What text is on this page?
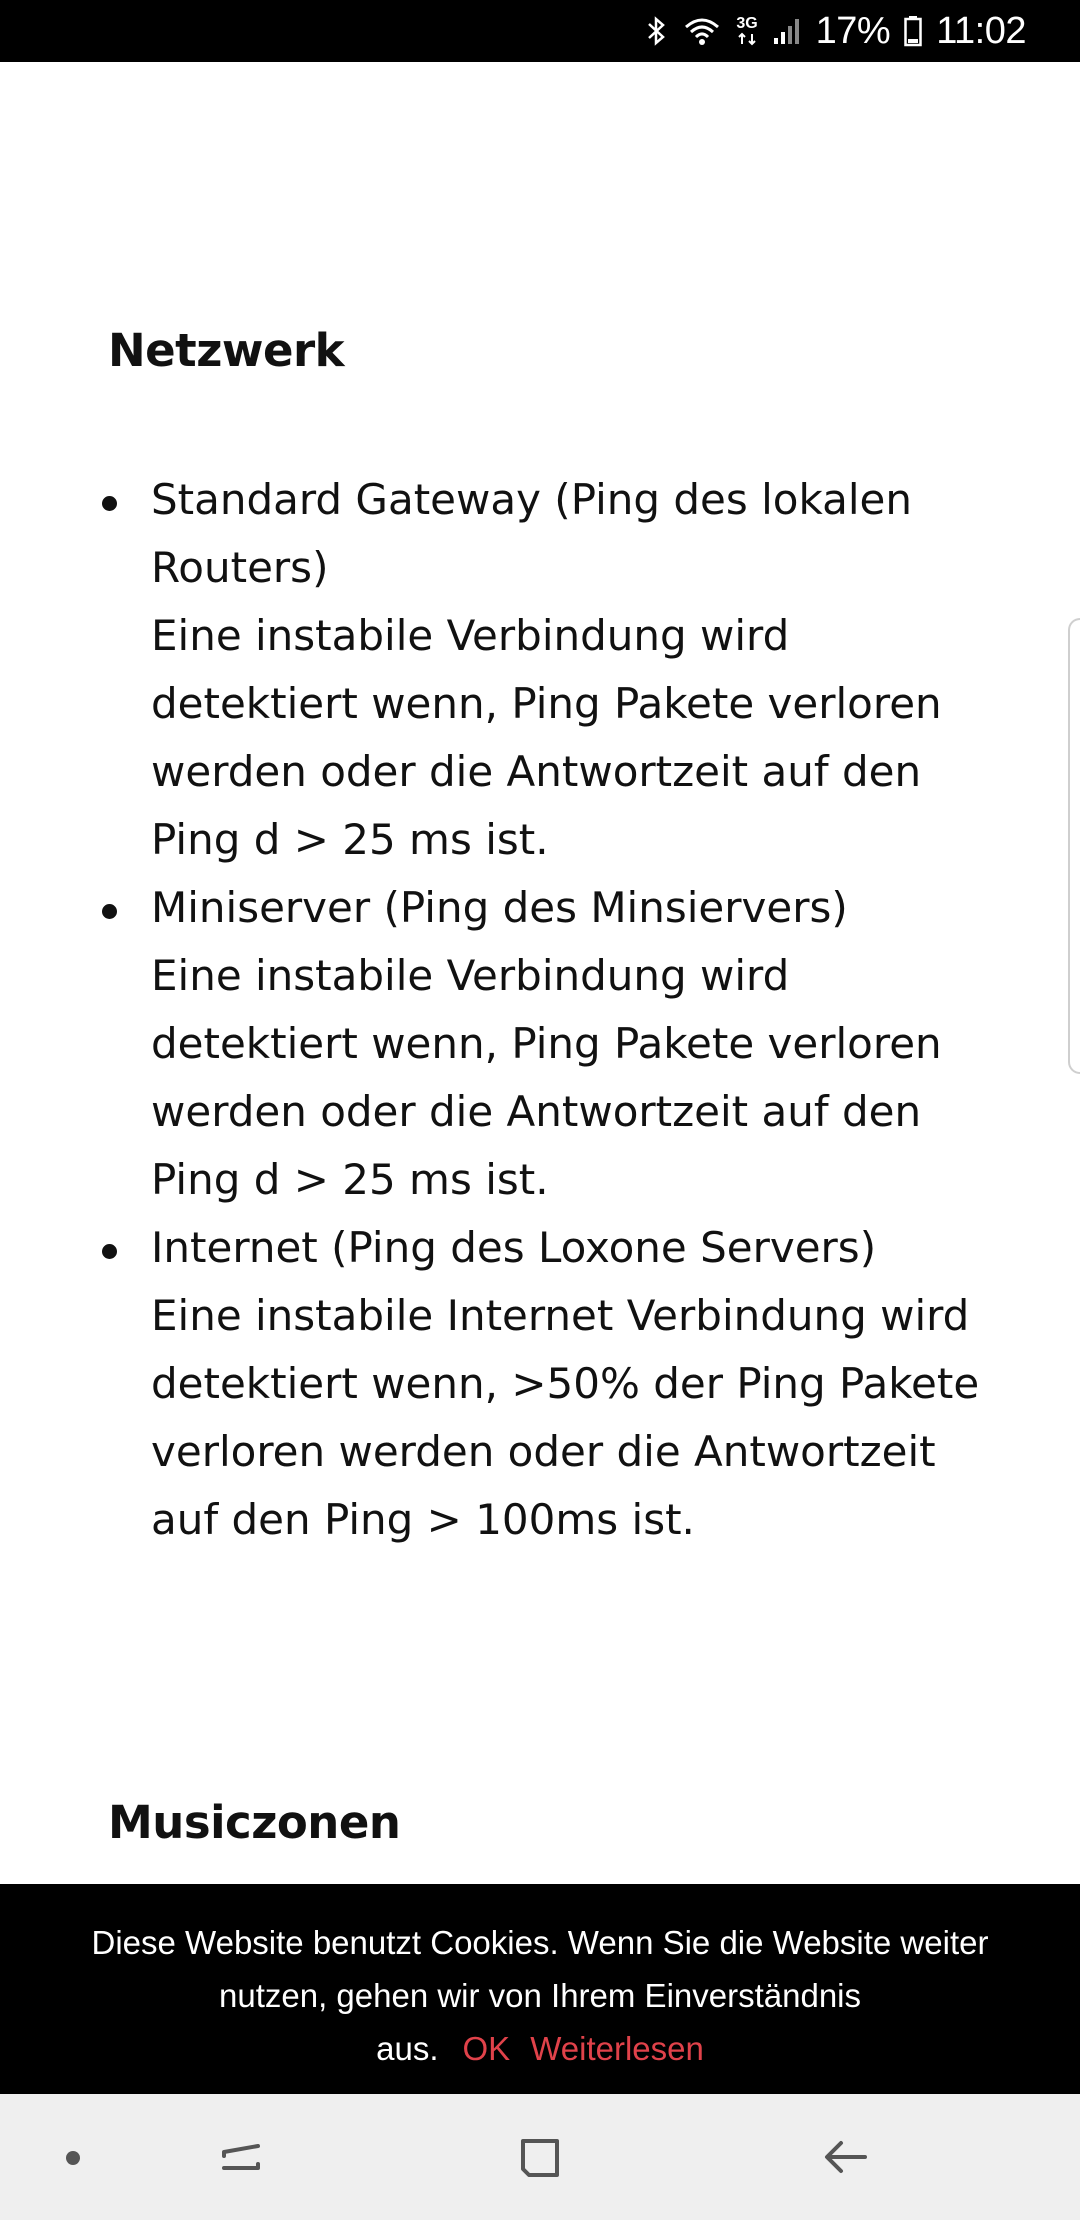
3G 17% 11:02
Netzwerk
Standard Gateway (Ping des lokalen Routers)
Eine instabile Verbindung wird detektiert wenn, Ping Pakete verloren werden oder die Antwortzeit auf den Ping d > 25 ms ist.
Miniserver (Ping des Minsiervers)
Eine instabile Verbindung wird detektiert wenn, Ping Pakete verloren werden oder die Antwortzeit auf den Ping d > 25 ms ist.
Internet (Ping des Loxone Servers)
Eine instabile Internet Verbindung wird detektiert wenn, >50% der Ping Pakete verloren werden oder die Antwortzeit auf den Ping > 100ms ist.
Musiczonen
Diese Website benutzt Cookies. Wenn Sie die Website weiter
nutzen, gehen wir von Ihrem Einverständnis
aus. OK Weiterlesen
